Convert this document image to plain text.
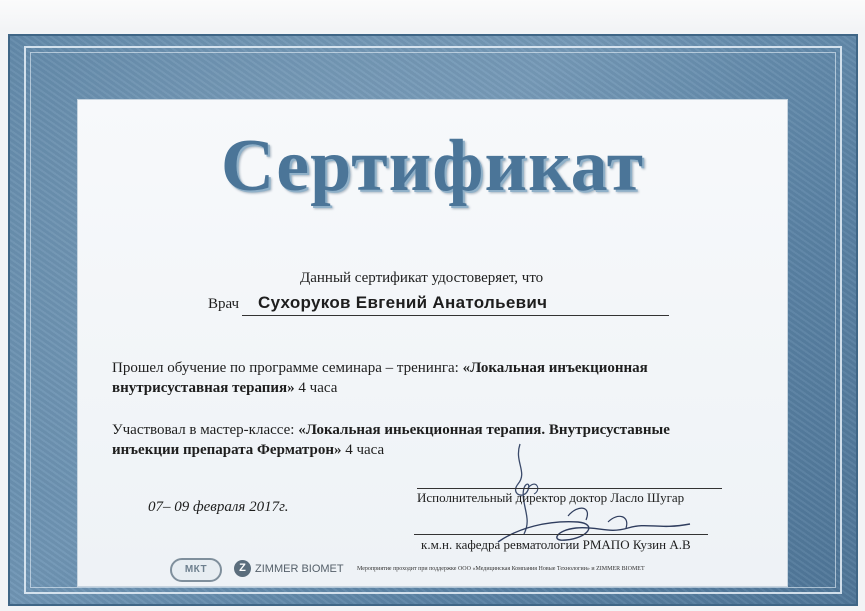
Сертификат
Данный сертификат удостоверяет, что
Врач Сухоруков Евгений Анатольевич
Прошел обучение по программе семинара – тренинга: «Локальная инъекционная
внутрисуставная терапия» 4 часа
Участвовал в мастер-классе: «Локальная иньекционная терапия. Внутрисуставные
инъекции препарата Ферматрон» 4 часа
07– 09 февраля 2017г.
Исполнительный директор доктор Ласло Шугар
к.м.н. кафедра ревматологии РМАПО Кузин А.В
МКТ	Z ZIMMER BIOMET Мероприятие проходит при поддержке ООО «Медицинская Компания Новые Технологии» и ZIMMER BIOMET
